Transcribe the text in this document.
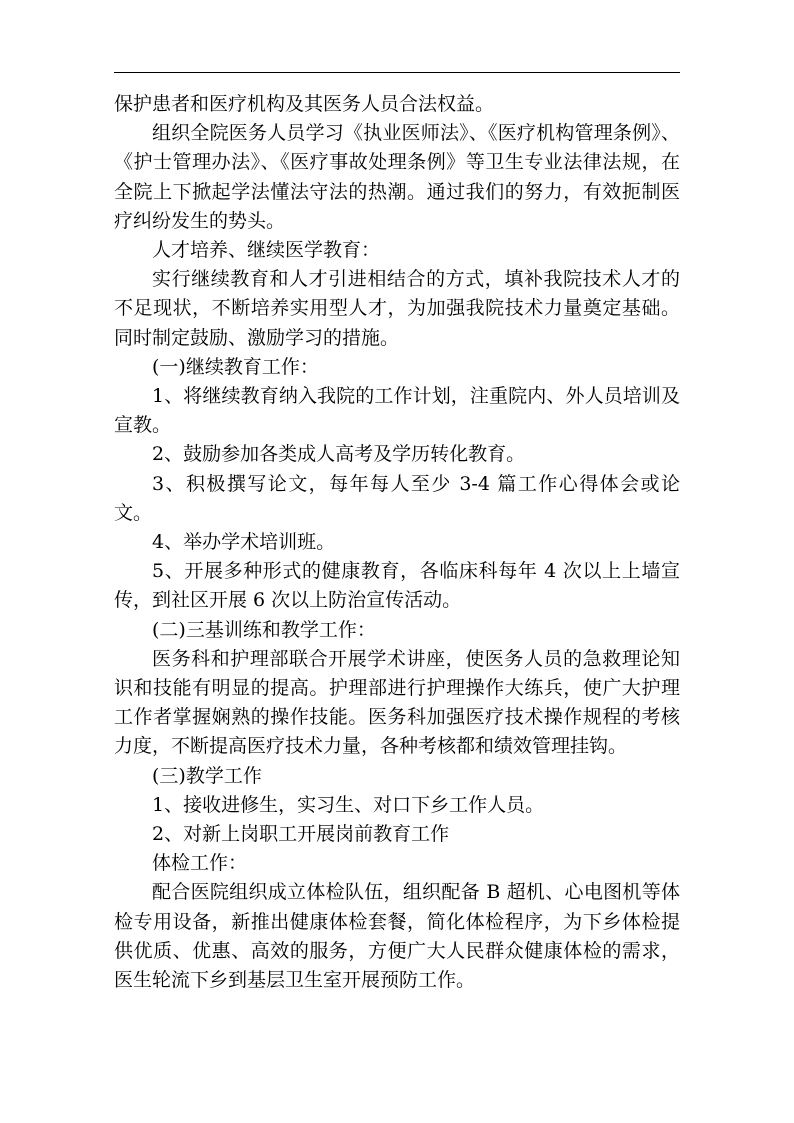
保护患者和医疗机构及其医务人员合法权益。

组织全院医务人员学习《执业医师法》、《医疗机构管理条例》、《护士管理办法》、《医疗事故处理条例》等卫生专业法律法规，在全院上下掀起学法懂法守法的热潮。通过我们的努力，有效扼制医疗纠纷发生的势头。

人才培养、继续医学教育：

实行继续教育和人才引进相结合的方式，填补我院技术人才的不足现状，不断培养实用型人才，为加强我院技术力量奠定基础。同时制定鼓励、激励学习的措施。

(一)继续教育工作：

1、将继续教育纳入我院的工作计划，注重院内、外人员培训及宣教。

2、鼓励参加各类成人高考及学历转化教育。

3、积极撰写论文，每年每人至少 3-4 篇工作心得体会或论文。

4、举办学术培训班。

5、开展多种形式的健康教育，各临床科每年 4 次以上上墙宣传，到社区开展 6 次以上防治宣传活动。

(二)三基训练和教学工作：

医务科和护理部联合开展学术讲座，使医务人员的急救理论知识和技能有明显的提高。护理部进行护理操作大练兵，使广大护理工作者掌握娴熟的操作技能。医务科加强医疗技术操作规程的考核力度，不断提高医疗技术力量，各种考核都和绩效管理挂钩。

(三)教学工作

1、接收进修生，实习生、对口下乡工作人员。

2、对新上岗职工开展岗前教育工作

体检工作：

配合医院组织成立体检队伍，组织配备 B 超机、心电图机等体检专用设备，新推出健康体检套餐，简化体检程序，为下乡体检提供优质、优惠、高效的服务，方便广大人民群众健康体检的需求，医生轮流下乡到基层卫生室开展预防工作。
